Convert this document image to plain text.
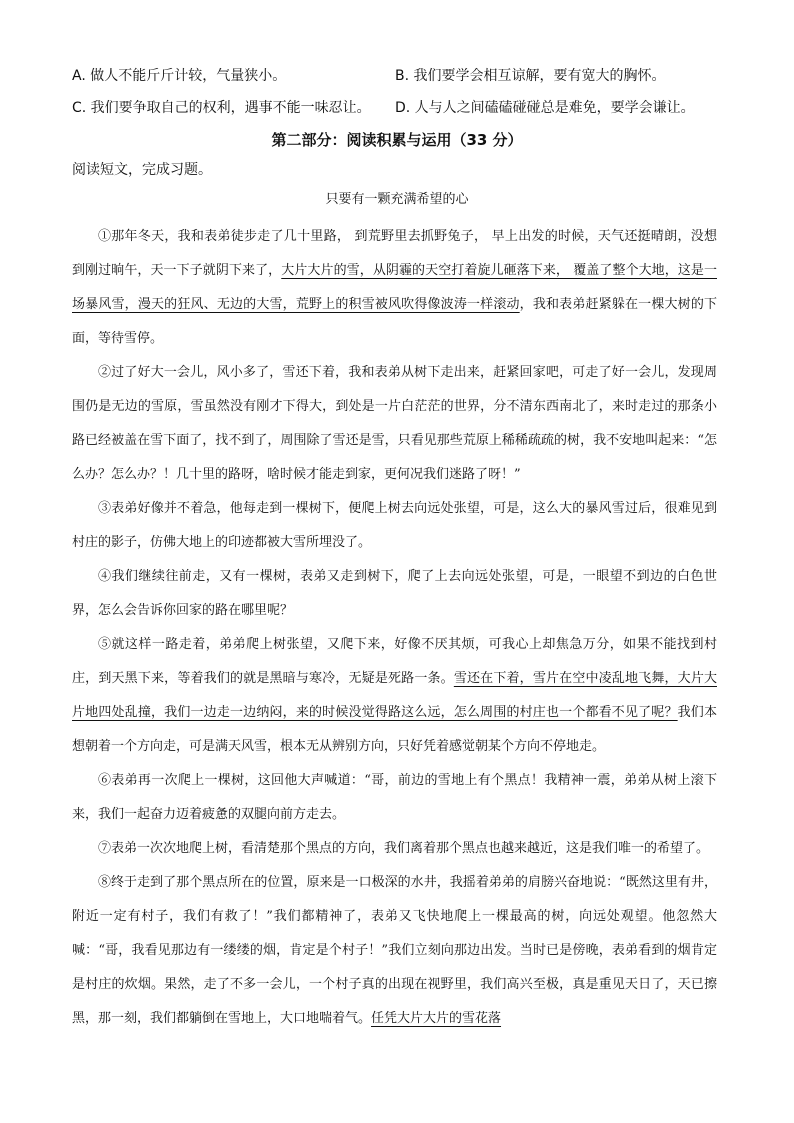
A. 做人不能斤斤计较，气量狭小。	B. 我们要学会相互谅解，要有宽大的胸怀。
C. 我们要争取自己的权利，遇事不能一味忍让。 D. 人与人之间磕磕碰碰总是难免，要学会谦让。
第二部分：阅读积累与运用（33 分）
阅读短文，完成习题。
只要有一颗充满希望的心

①那年冬天，我和表弟徒步走了几十里路， 到荒野里去抓野兔子， 早上出发的时候，天气还挺晴朗，没想到刚过晌午，天一下子就阴下来了，大片大片的雪，从阴霾的天空打着旋儿砸落下来， 覆盖了整个大地，这是一场暴风雪，漫天的狂风、无边的大雪，荒野上的积雪被风吹得像波涛一样滚动，我和表弟赶紧躲在一棵大树的下面，等待雪停。

②过了好大一会儿，风小多了，雪还下着，我和表弟从树下走出来，赶紧回家吧，可走了好一会儿，发现周围仍是无边的雪原，雪虽然没有刚才下得大，到处是一片白茫茫的世界，分不清东西南北了，来时走过的那条小路已经被盖在雪下面了，找不到了，周围除了雪还是雪，只看见那些荒原上稀稀疏疏的树，我不安地叫起来：“怎么办？怎么办？！几十里的路呀，啥时候才能走到家，更何况我们迷路了呀！”

③表弟好像并不着急，他每走到一棵树下，便爬上树去向远处张望，可是，这么大的暴风雪过后，很难见到村庄的影子，仿佛大地上的印迹都被大雪所埋没了。

④我们继续往前走，又有一棵树，表弟又走到树下，爬了上去向远处张望，可是，一眼望不到边的白色世界，怎么会告诉你回家的路在哪里呢？

⑤就这样一路走着，弟弟爬上树张望，又爬下来，好像不厌其烦，可我心上却焦急万分，如果不能找到村庄，到天黑下来，等着我们的就是黑暗与寒冷，无疑是死路一条。雪还在下着，雪片在空中凌乱地飞舞，大片大片地四处乱撞，我们一边走一边纳闷，来的时候没觉得路这么远，怎么周围的村庄也一个都看不见了呢？我们本想朝着一个方向走，可是满天风雪，根本无从辨别方向，只好凭着感觉朝某个方向不停地走。

⑥表弟再一次爬上一棵树，这回他大声喊道：“哥，前边的雪地上有个黑点！我精神一震，弟弟从树上滚下来，我们一起奋力迈着疲惫的双腿向前方走去。

⑦表弟一次次地爬上树，看清楚那个黑点的方向，我们离着那个黑点也越来越近，这是我们唯一的希望了。

⑧终于走到了那个黑点所在的位置，原来是一口极深的水井，我摇着弟弟的肩膀兴奋地说：“既然这里有井，附近一定有村子，我们有救了！”我们都精神了，表弟又飞快地爬上一棵最高的树，向远处观望。他忽然大喊：“哥，我看见那边有一缕缕的烟，肯定是个村子！”我们立刻向那边出发。当时已是傍晚，表弟看到的烟肯定是村庄的炊烟。果然，走了不多一会儿，一个村子真的出现在视野里，我们高兴至极，真是重见天日了，天已擦黑，那一刻，我们都躺倒在雪地上，大口地喘着气。任凭大片大片的雪花落
